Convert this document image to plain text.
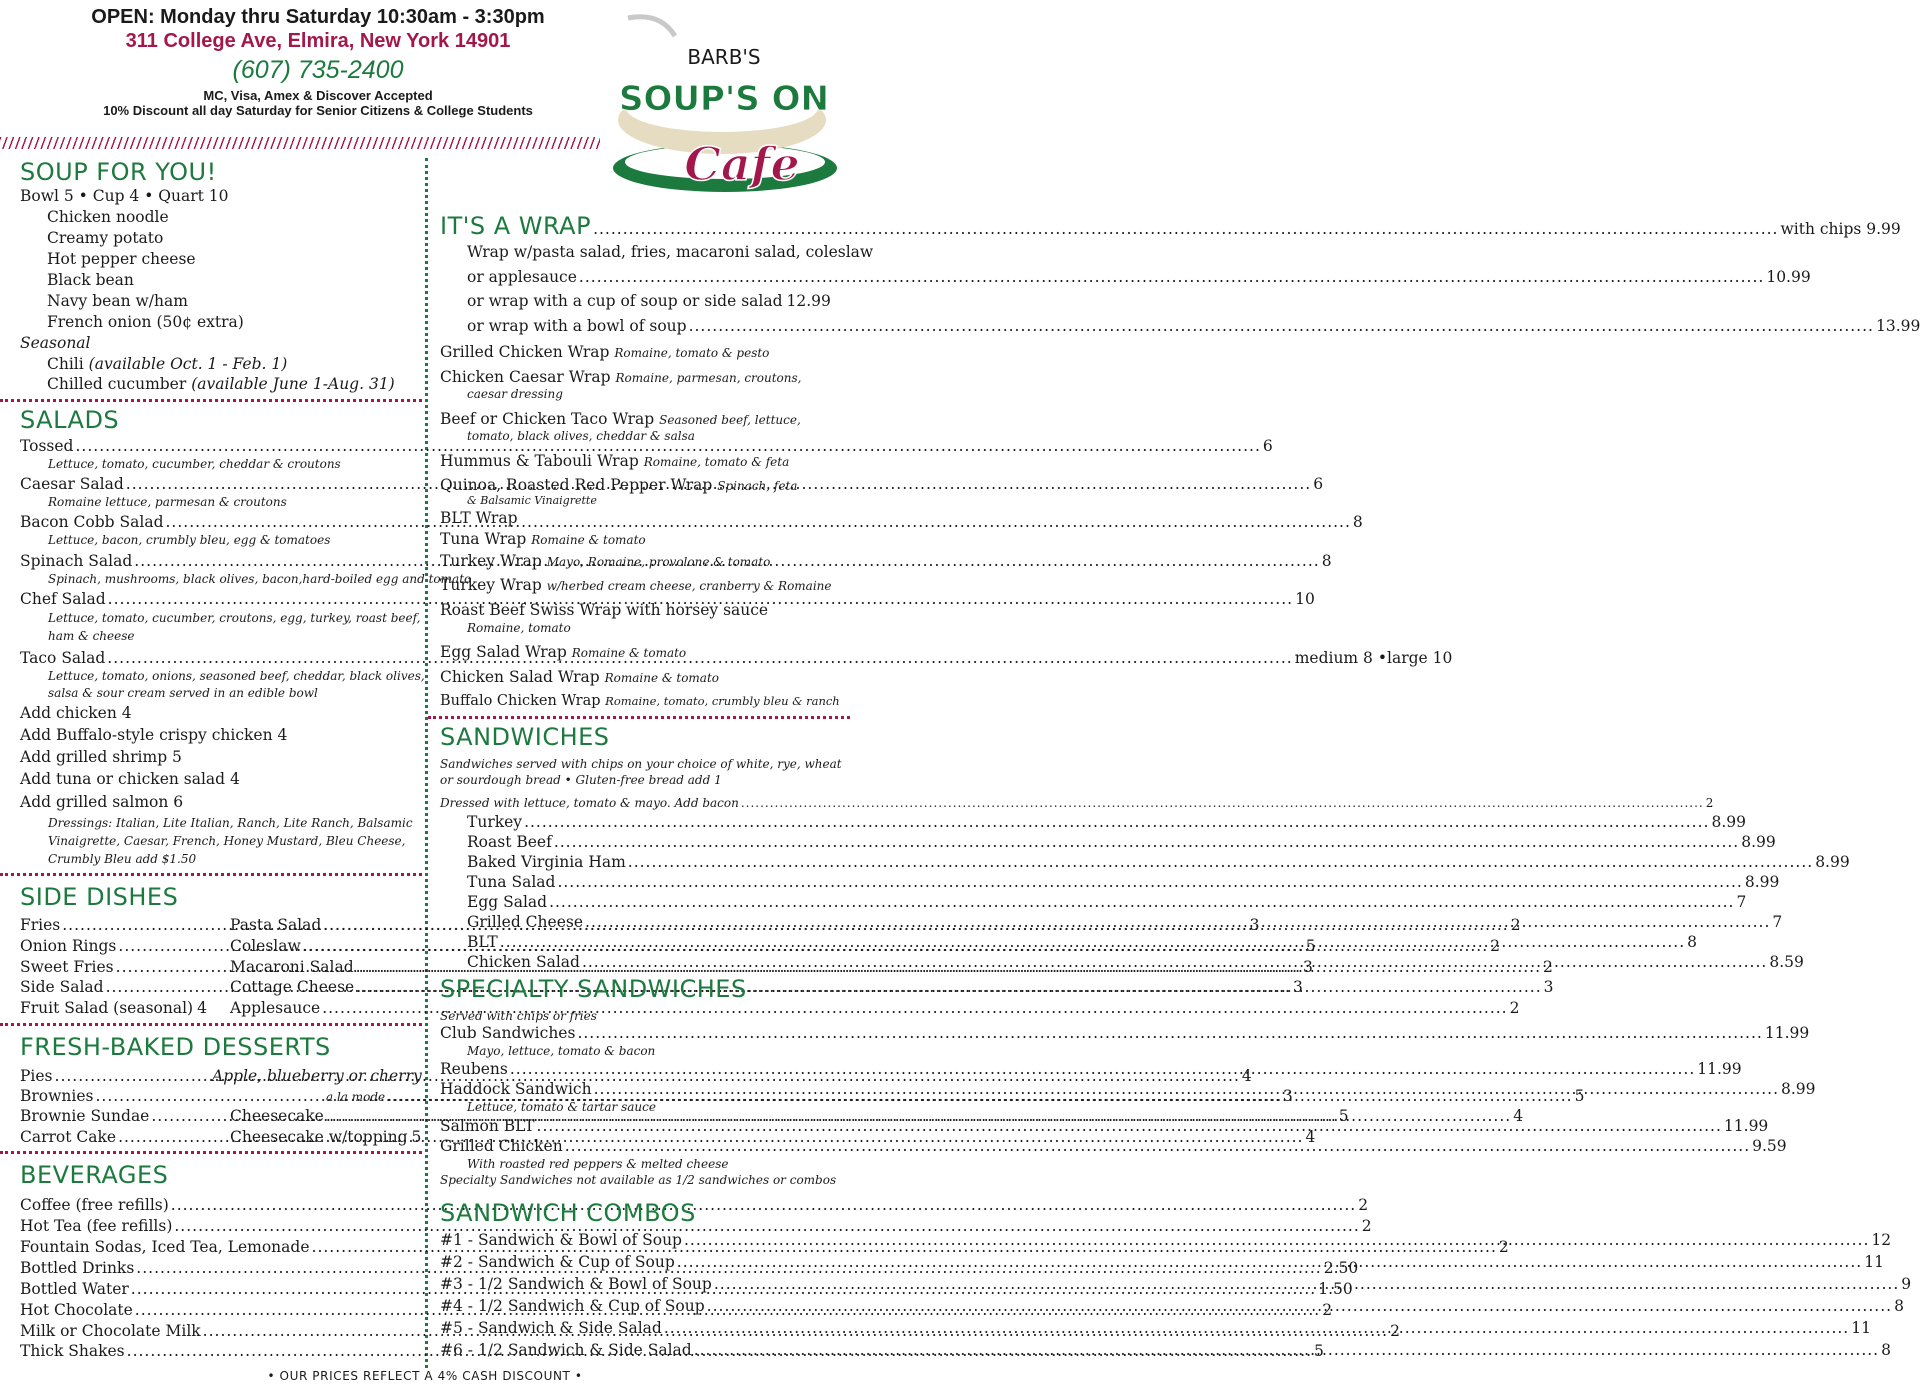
OPEN: Monday thru Saturday 10:30am - 3:30pm
311 College Ave, Elmira, New York 14901
(607) 735-2400
MC, Visa, Amex & Discover Accepted
10% Discount all day Saturday for Senior Citizens & College Students
BARB'S
SOUP'S ON
Cafe
SOUP FOR YOU!
Bowl 5 • Cup 4 • Quart 10
Chicken noodle
Creamy potato
Hot pepper cheese
Black bean
Navy bean w/ham
French onion (50¢ extra)
Seasonal
Chili (available Oct. 1 - Feb. 1)
Chilled cucumber (available June 1-Aug. 31)
SALADS
Tossed .....	6
Lettuce, tomato, cucumber, cheddar & croutons
Caesar Salad .....	6
Romaine lettuce, parmesan & croutons
Bacon Cobb Salad .....	8
Lettuce, bacon, crumbly bleu, egg & tomatoes
Spinach Salad .....	8
Spinach, mushrooms, black olives, bacon,hard-boiled egg and tomato
Chef Salad .....	10
Lettuce, tomato, cucumber, croutons, egg, turkey, roast beef,
ham & cheese
Taco Salad .....	medium 8 •large 10
Lettuce, tomato, onions, seasoned beef, cheddar, black olives,
salsa & sour cream served in an edible bowl
Add chicken 4
Add Buffalo-style crispy chicken 4
Add grilled shrimp 5
Add tuna or chicken salad 4
Add grilled salmon 6
Dressings: Italian, Lite Italian, Ranch, Lite Ranch, Balsamic
Vinaigrette, Caesar, French, Honey Mustard, Bleu Cheese,
Crumbly Bleu add $1.50
SIDE DISHES
Fries .....	3
Onion Rings .....	5
Sweet Fries .....	3
Side Salad .....	3
Fruit Salad (seasonal) 4
Pasta Salad .....	2
Coleslaw .....	2
Macaroni Salad .....	2
Cottage Cheese .....	3
Applesauce .....	2
FRESH-BAKED DESSERTS
Pies .....	4
Brownies .....	3
Brownie Sundae .....	5
Carrot Cake .....	4
Apple, blueberry or cherry
a la mode .....	5
Cheesecake .....	4
Cheesecake w/topping 5
BEVERAGES
Coffee (free refills) .....	2
Hot Tea (fee refills) .....	2
Fountain Sodas, Iced Tea, Lemonade .....	2
Bottled Drinks .....	2.50
Bottled Water .....	1.50
Hot Chocolate .....	2
Milk or Chocolate Milk .....	2
Thick Shakes .....	5
IT'S A WRAP .....	with chips 9.99
Wrap w/pasta salad, fries, macaroni salad, coleslaw
or applesauce .....	10.99
or wrap with a cup of soup or side salad 12.99
or wrap with a bowl of soup .....	13.99
Grilled Chicken Wrap Romaine, tomato & pesto
Chicken Caesar Wrap Romaine, parmesan, croutons,
caesar dressing
Beef or Chicken Taco Wrap Seasoned beef, lettuce,
tomato, black olives, cheddar & salsa
Hummus & Tabouli Wrap Romaine, tomato & feta
Quinoa, Roasted Red Pepper Wrap Spinach, feta
& Balsamic Vinaigrette
BLT Wrap
Tuna Wrap Romaine & tomato
Turkey Wrap Mayo, Romaine, provolone & tomato
Turkey Wrap w/herbed cream cheese, cranberry & Romaine
Roast Beef Swiss Wrap with horsey sauce
Romaine, tomato
Egg Salad Wrap Romaine & tomato
Chicken Salad Wrap Romaine & tomato
Buffalo Chicken Wrap Romaine, tomato, crumbly bleu & ranch
SANDWICHES
Sandwiches served with chips on your choice of white, rye, wheat
or sourdough bread • Gluten-free bread add 1
Dressed with lettuce, tomato & mayo. Add bacon .....	2
Turkey .....	8.99
Roast Beef .....	8.99
Baked Virginia Ham .....	8.99
Tuna Salad .....	8.99
Egg Salad .....	7
Grilled Cheese .....	7
BLT .....	8
Chicken Salad .....	8.59
SPECIALTY SANDWICHES
Served with chips or fries
Club Sandwiches .....	11.99
Mayo, lettuce, tomato & bacon
Reubens .....	11.99
Haddock Sandwich .....	8.99
Lettuce, tomato & tartar sauce
Salmon BLT .....	11.99
Grilled Chicken .....	9.59
With roasted red peppers & melted cheese
Specialty Sandwiches not available as 1/2 sandwiches or combos
SANDWICH COMBOS
#1 - Sandwich & Bowl of Soup .....	12
#2 - Sandwich & Cup of Soup .....	11
#3 - 1/2 Sandwich & Bowl of Soup .....	9
#4 - 1/2 Sandwich & Cup of Soup .....	8
#5 - Sandwich & Side Salad .....	11
#6 - 1/2 Sandwich & Side Salad .....	8
• OUR PRICES REFLECT A 4% CASH DISCOUNT •
